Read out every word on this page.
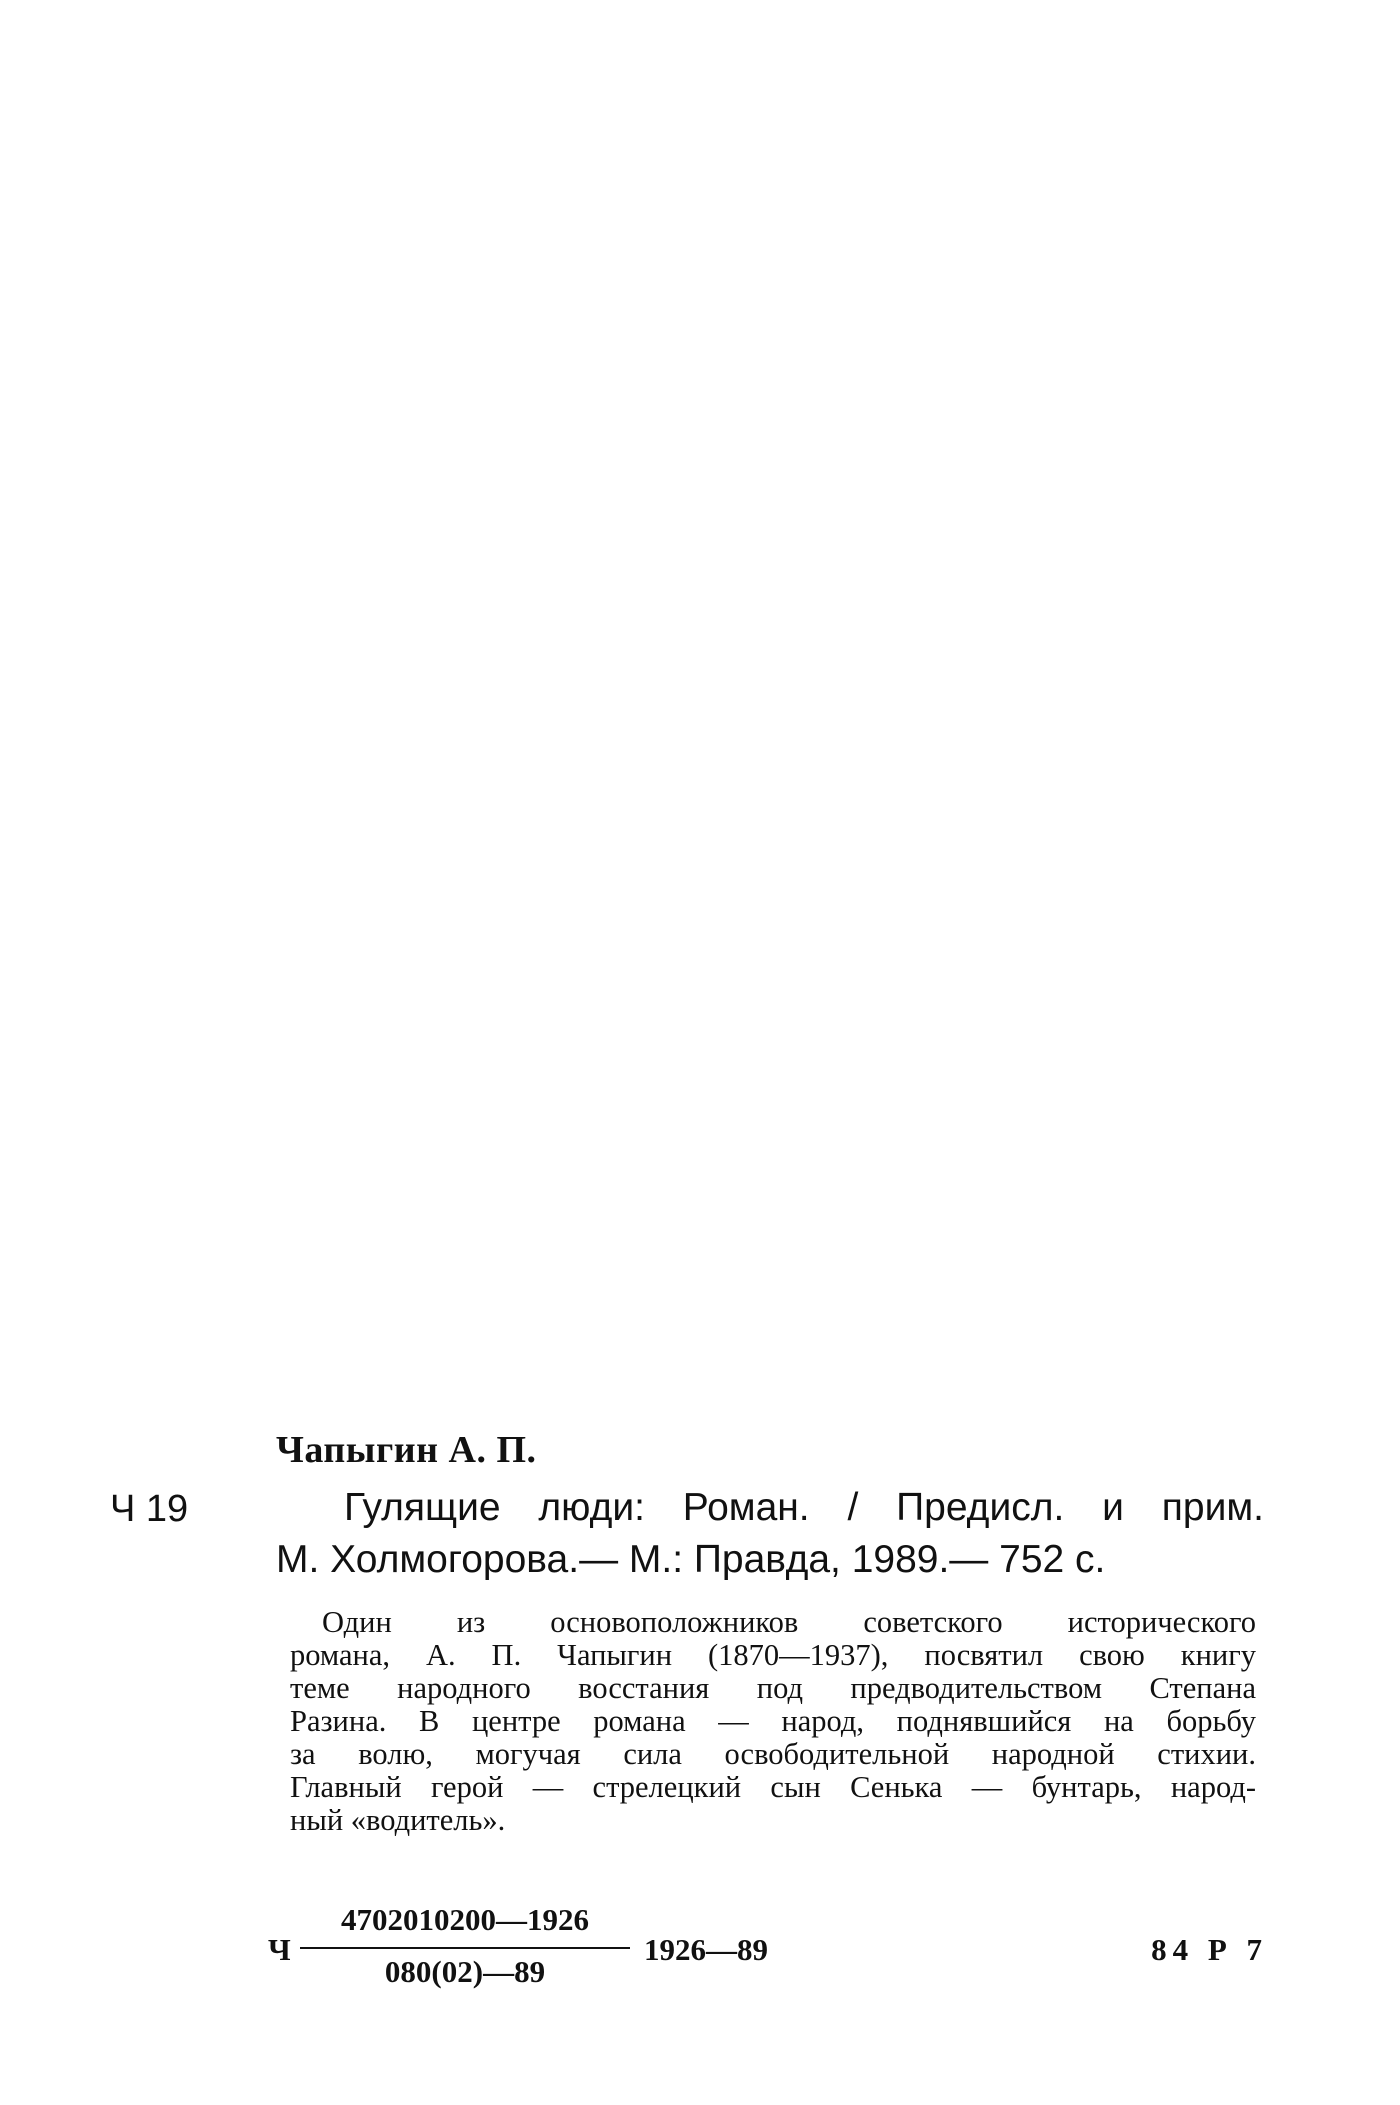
Чапыгин А. П.
Ч 19	Гулящие люди: Роман. / Предисл. и прим.
М. Холмогорова.— М.: Правда, 1989.— 752 с.
Один из основоположников советского исторического
романа, А. П. Чапыгин (1870—1937), посвятил свою книгу
теме народного восстания под предводительством Степана
Разина. В центре романа — народ, поднявшийся на борьбу
за волю, могучая сила освободительной народной стихии.
Главный герой — стрелецкий сын Сенька — бунтарь, народ-
ный «водитель».
Ч
4702010200—1926
080(02)—89
1926—89	84 Р 7
